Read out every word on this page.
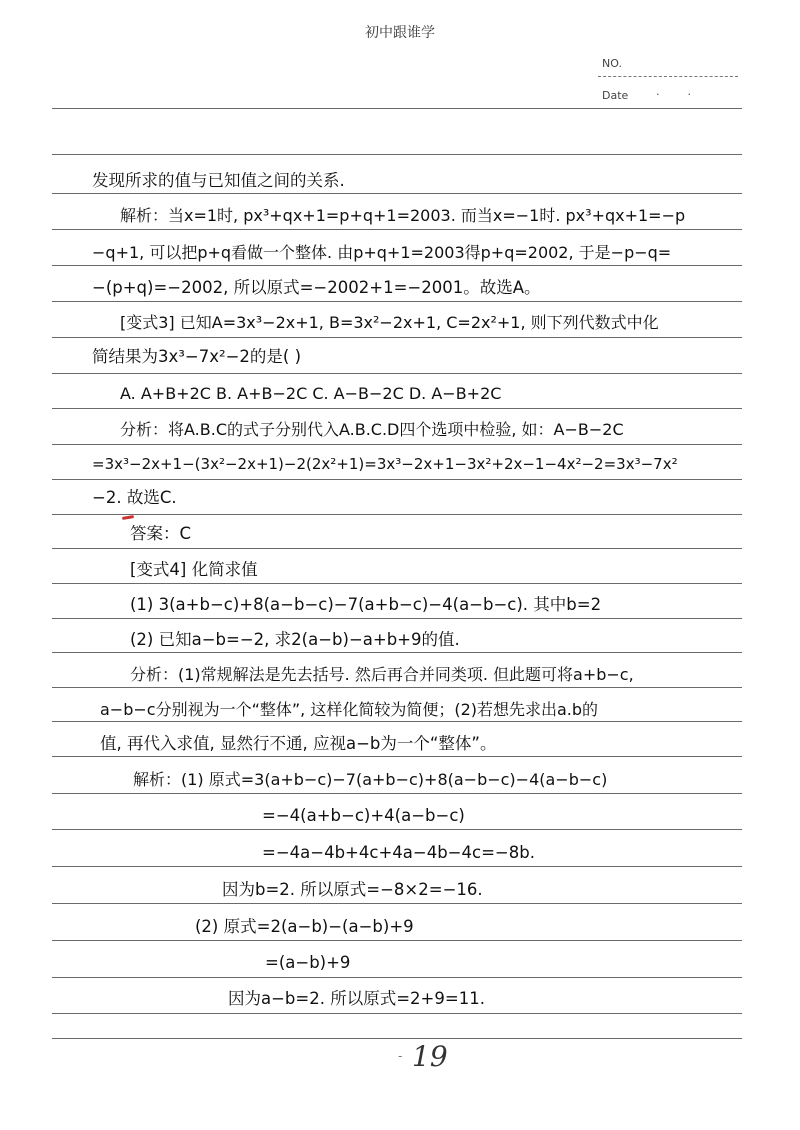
初中跟谁学
NO.
Date	··
发现所求的值与已知值之间的关系.
解析：当x=1时, px³+qx+1=p+q+1=2003. 而当x=−1时. px³+qx+1=−p
−q+1, 可以把p+q看做一个整体. 由p+q+1=2003得p+q=2002, 于是−p−q=
−(p+q)=−2002, 所以原式=−2002+1=−2001。故选A。
[变式3] 已知A=3x³−2x+1, B=3x²−2x+1, C=2x²+1, 则下列代数式中化
简结果为3x³−7x²−2的是( )
A. A+B+2C B. A+B−2C C. A−B−2C D. A−B+2C
分析：将A.B.C的式子分别代入A.B.C.D四个选项中检验, 如：A−B−2C
=3x³−2x+1−(3x²−2x+1)−2(2x²+1)=3x³−2x+1−3x²+2x−1−4x²−2=3x³−7x²
−2. 故选C.
答案：C
[变式4] 化简求值
(1) 3(a+b−c)+8(a−b−c)−7(a+b−c)−4(a−b−c). 其中b=2
(2) 已知a−b=−2, 求2(a−b)−a+b+9的值.
分析：(1)常规解法是先去括号. 然后再合并同类项. 但此题可将a+b−c,
a−b−c分别视为一个“整体”, 这样化简较为简便；(2)若想先求出a.b的
值, 再代入求值, 显然行不通, 应视a−b为一个“整体”。
解析：(1) 原式=3(a+b−c)−7(a+b−c)+8(a−b−c)−4(a−b−c)
=−4(a+b−c)+4(a−b−c)
=−4a−4b+4c+4a−4b−4c=−8b.
因为b=2. 所以原式=−8×2=−16.
(2) 原式=2(a−b)−(a−b)+9
=(a−b)+9
因为a−b=2. 所以原式=2+9=11.
- 19
